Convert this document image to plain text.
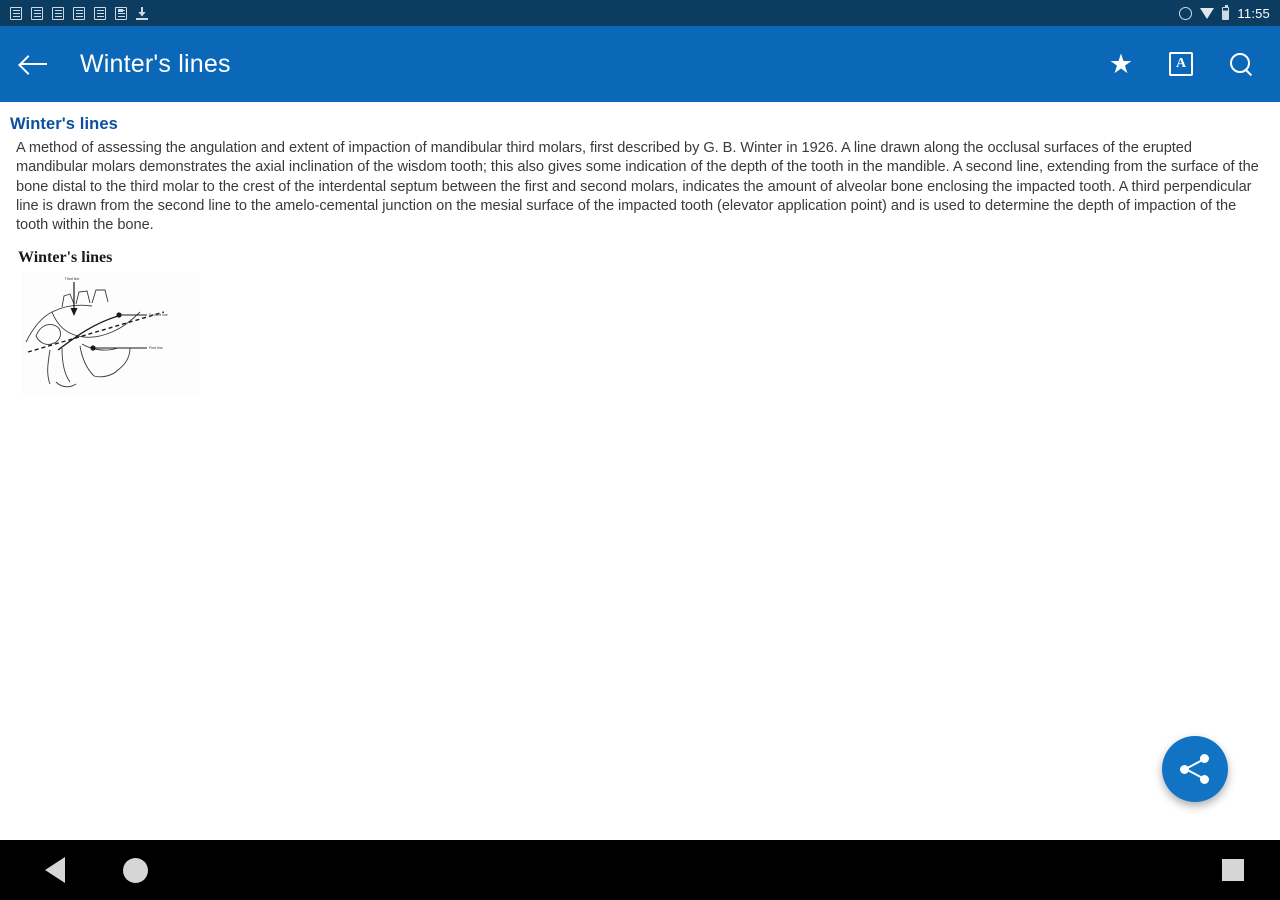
11:55
Winter's lines	★	A
Winter's lines
A method of assessing the angulation and extent of impaction of mandibular third molars, first described by G. B. Winter in 1926. A line drawn along the occlusal surfaces of the erupted mandibular molars demonstrates the axial inclination of the wisdom tooth; this also gives some indication of the depth of the tooth in the mandible. A second line, extending from the surface of the bone distal to the third molar to the crest of the interdental septum between the first and second molars, indicates the amount of alveolar bone enclosing the impacted tooth. A third perpendicular line is drawn from the second line to the amelo-cemental junction on the mesial surface of the impacted tooth (elevator application point) and is used to determine the depth of impaction of the tooth within the bone.
Winter's lines
Third line
Second line
First line
